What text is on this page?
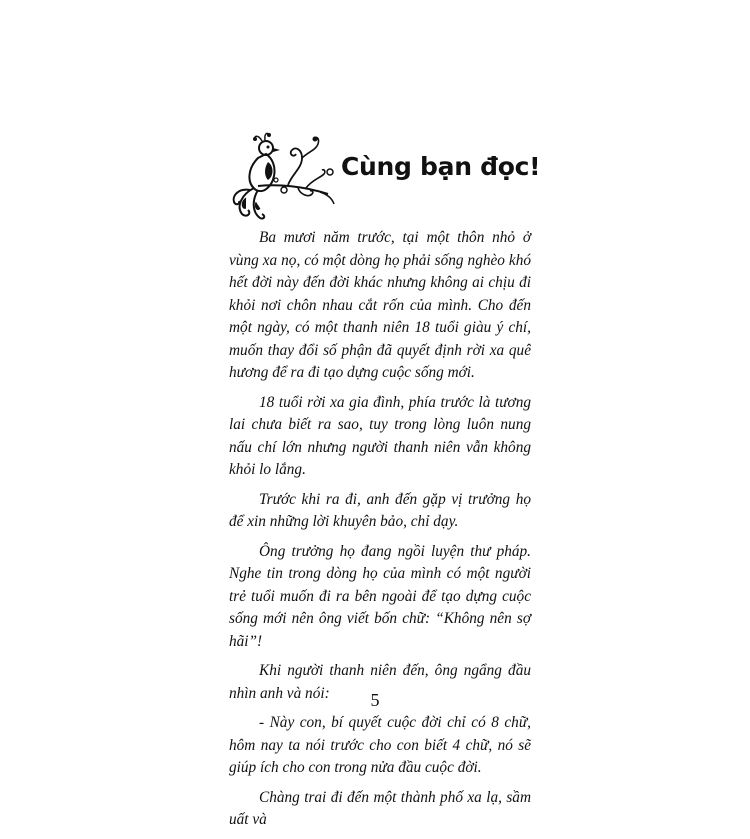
Cùng bạn đọc!

Ba mươi năm trước, tại một thôn nhỏ ở vùng xa nọ, có một dòng họ phải sống nghèo khó hết đời này đến đời khác nhưng không ai chịu đi khỏi nơi chôn nhau cắt rốn của mình. Cho đến một ngày, có một thanh niên 18 tuổi giàu ý chí, muốn thay đổi số phận đã quyết định rời xa quê hương để ra đi tạo dựng cuộc sống mới.

18 tuổi rời xa gia đình, phía trước là tương lai chưa biết ra sao, tuy trong lòng luôn nung nấu chí lớn nhưng người thanh niên vẫn không khỏi lo lắng.

Trước khi ra đi, anh đến gặp vị trưởng họ để xin những lời khuyên bảo, chỉ dạy.

Ông trưởng họ đang ngồi luyện thư pháp. Nghe tin trong dòng họ của mình có một người trẻ tuổi muốn đi ra bên ngoài để tạo dựng cuộc sống mới nên ông viết bốn chữ: “Không nên sợ hãi”!

Khi người thanh niên đến, ông ngẩng đầu nhìn anh và nói:

- Này con, bí quyết cuộc đời chỉ có 8 chữ, hôm nay ta nói trước cho con biết 4 chữ, nó sẽ giúp ích cho con trong nửa đầu cuộc đời.

Chàng trai đi đến một thành phố xa lạ, sầm uất và

5
